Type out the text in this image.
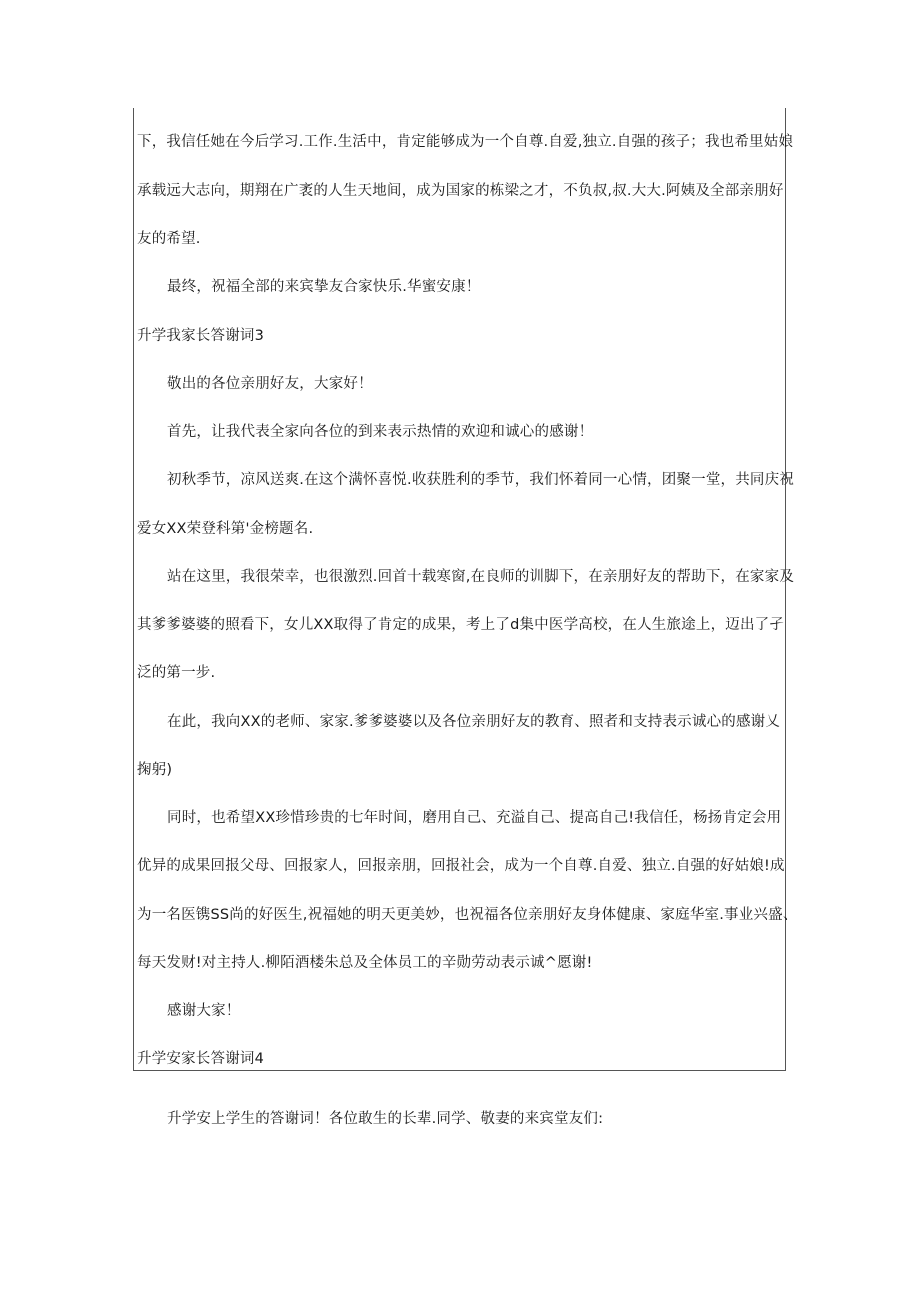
下，我信任她在今后学习.工作.生活中，肯定能够成为一个自尊.自爱,独立.自强的孩子；我也希里姑娘
承载远大志向，期翔在广袤的人生天地间，成为国家的栋梁之才，不负叔,叔.大大.阿姨及全部亲朋好
友的希望.
最终，祝福全部的来宾挚友合家快乐.华蜜安康！
升学我家长答谢词3
敬出的各位亲朋好友，大家好！
首先，让我代表全家向各位的到来表示热情的欢迎和诚心的感谢！
初秋季节，凉风送爽.在这个满怀喜悦.收获胜利的季节，我们怀着同一心情，团聚一堂，共同庆祝
爱女XX荣登科第'金榜题名.
站在这里，我很荣幸，也很激烈.回首十载寒窗,在良师的训脚下，在亲朋好友的帮助下，在家家及
其爹爹婆婆的照看下，女儿XX取得了肯定的成果，考上了d集中医学高校，在人生旅途上，迈出了孑
泛的第一步.
在此，我向XX的老师、家家.爹爹婆婆以及各位亲朋好友的教育、照者和支持表示诚心的感谢乂
掬躬)
同时，也希望XX珍惜珍贵的七年时间，磨用自己、充溢自己、提高自己!我信任，杨扬肯定会用
优异的成果回报父母、回报家人，回报亲朋，回报社会，成为一个自尊.自爱、独立.自强的好姑娘!成
为一名医镌SS尚的好医生,祝福她的明天更美妙，也祝福各位亲朋好友身体健康、家庭华室.事业兴盛、
每天发财!对主持人.柳陌酒楼朱总及全体员工的辛勋劳动表示诚^愿谢!
感谢大家！
升学安家长答谢词4
升学安上学生的答谢词！各位敢生的长辈.同学、敬妻的来宾堂友们:
